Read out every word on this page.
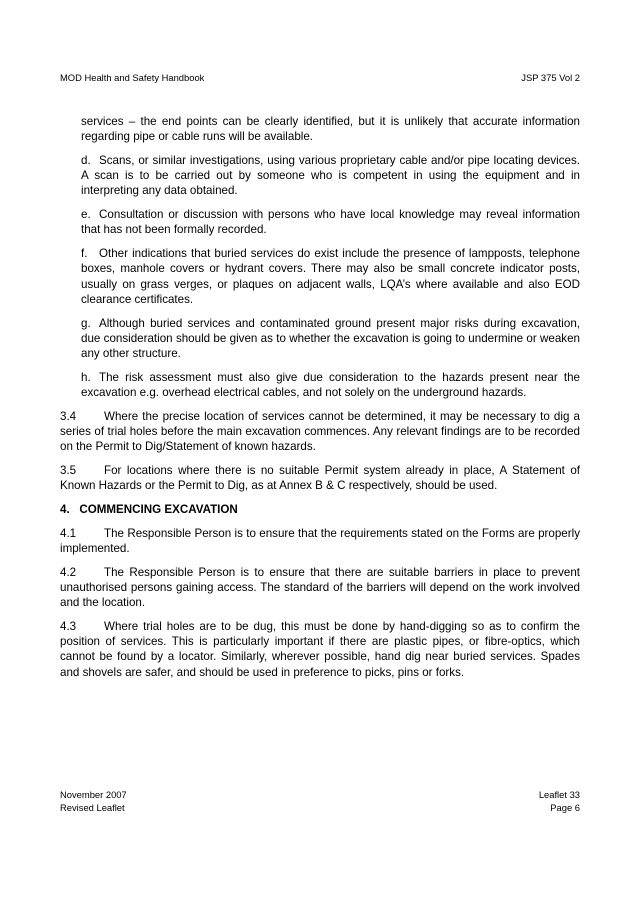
MOD Health and Safety Handbook	JSP 375 Vol 2

services – the end points can be clearly identified, but it is unlikely that accurate information regarding pipe or cable runs will be available.

d. Scans, or similar investigations, using various proprietary cable and/or pipe locating devices. A scan is to be carried out by someone who is competent in using the equipment and in interpreting any data obtained.

e. Consultation or discussion with persons who have local knowledge may reveal information that has not been formally recorded.

f. Other indications that buried services do exist include the presence of lampposts, telephone boxes, manhole covers or hydrant covers. There may also be small concrete indicator posts, usually on grass verges, or plaques on adjacent walls, LQA’s where available and also EOD clearance certificates.

g. Although buried services and contaminated ground present major risks during excavation, due consideration should be given as to whether the excavation is going to undermine or weaken any other structure.

h. The risk assessment must also give due consideration to the hazards present near the excavation e.g. overhead electrical cables, and not solely on the underground hazards.

3.4 Where the precise location of services cannot be determined, it may be necessary to dig a series of trial holes before the main excavation commences. Any relevant findings are to be recorded on the Permit to Dig/Statement of known hazards.

3.5 For locations where there is no suitable Permit system already in place, A Statement of Known Hazards or the Permit to Dig, as at Annex B & C respectively, should be used.

4.   COMMENCING EXCAVATION

4.1 The Responsible Person is to ensure that the requirements stated on the Forms are properly implemented.

4.2 The Responsible Person is to ensure that there are suitable barriers in place to prevent unauthorised persons gaining access. The standard of the barriers will depend on the work involved and the location.

4.3 Where trial holes are to be dug, this must be done by hand-digging so as to confirm the position of services. This is particularly important if there are plastic pipes, or fibre-optics, which cannot be found by a locator. Similarly, wherever possible, hand dig near buried services. Spades and shovels are safer, and should be used in preference to picks, pins or forks.

November 2007
Revised Leaflet
Leaflet 33
Page 6
